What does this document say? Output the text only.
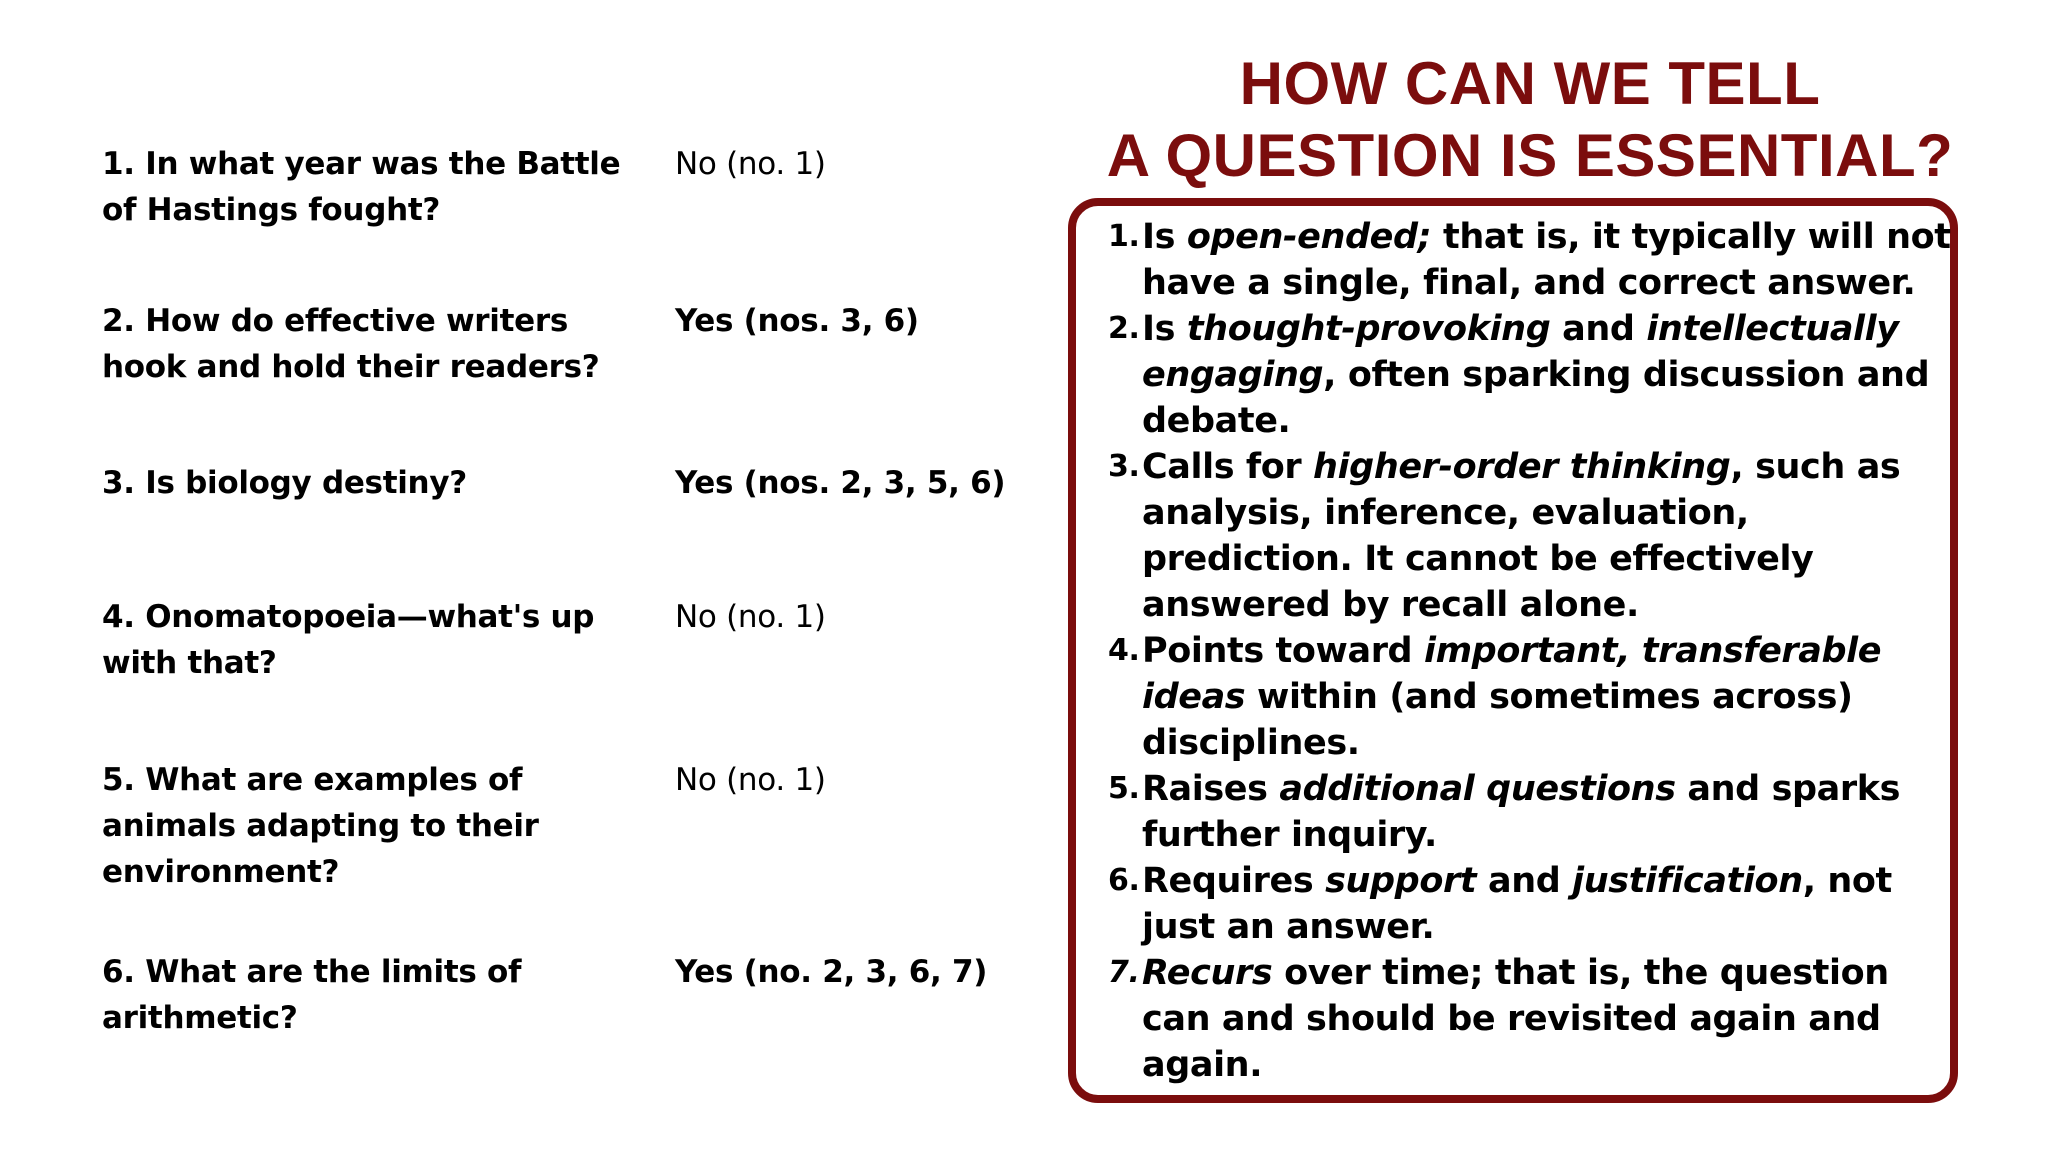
1. In what year was the Battle of Hastings fought?
No (no. 1)
2. How do effective writers hook and hold their readers?
Yes (nos. 3, 6)
3. Is biology destiny?	Yes (nos. 2, 3, 5, 6)
4. Onomatopoeia—what's up with that?
No (no. 1)
5. What are examples of animals adapting to their environment?
No (no. 1)
6. What are the limits of arithmetic?
Yes (no. 2, 3, 6, 7)
HOW CAN WE TELL
A QUESTION IS ESSENTIAL?
1. Is open-ended; that is, it typically will not have a single, final, and correct answer.
2. Is thought-provoking and intellectually engaging, often sparking discussion and debate.
3. Calls for higher-order thinking, such as analysis, inference, evaluation, prediction. It cannot be effectively answered by recall alone.
4. Points toward important, transferable ideas within (and sometimes across) disciplines.
5. Raises additional questions and sparks further inquiry.
6. Requires support and justification, not just an answer.
7. Recurs over time; that is, the question can and should be revisited again and again.
